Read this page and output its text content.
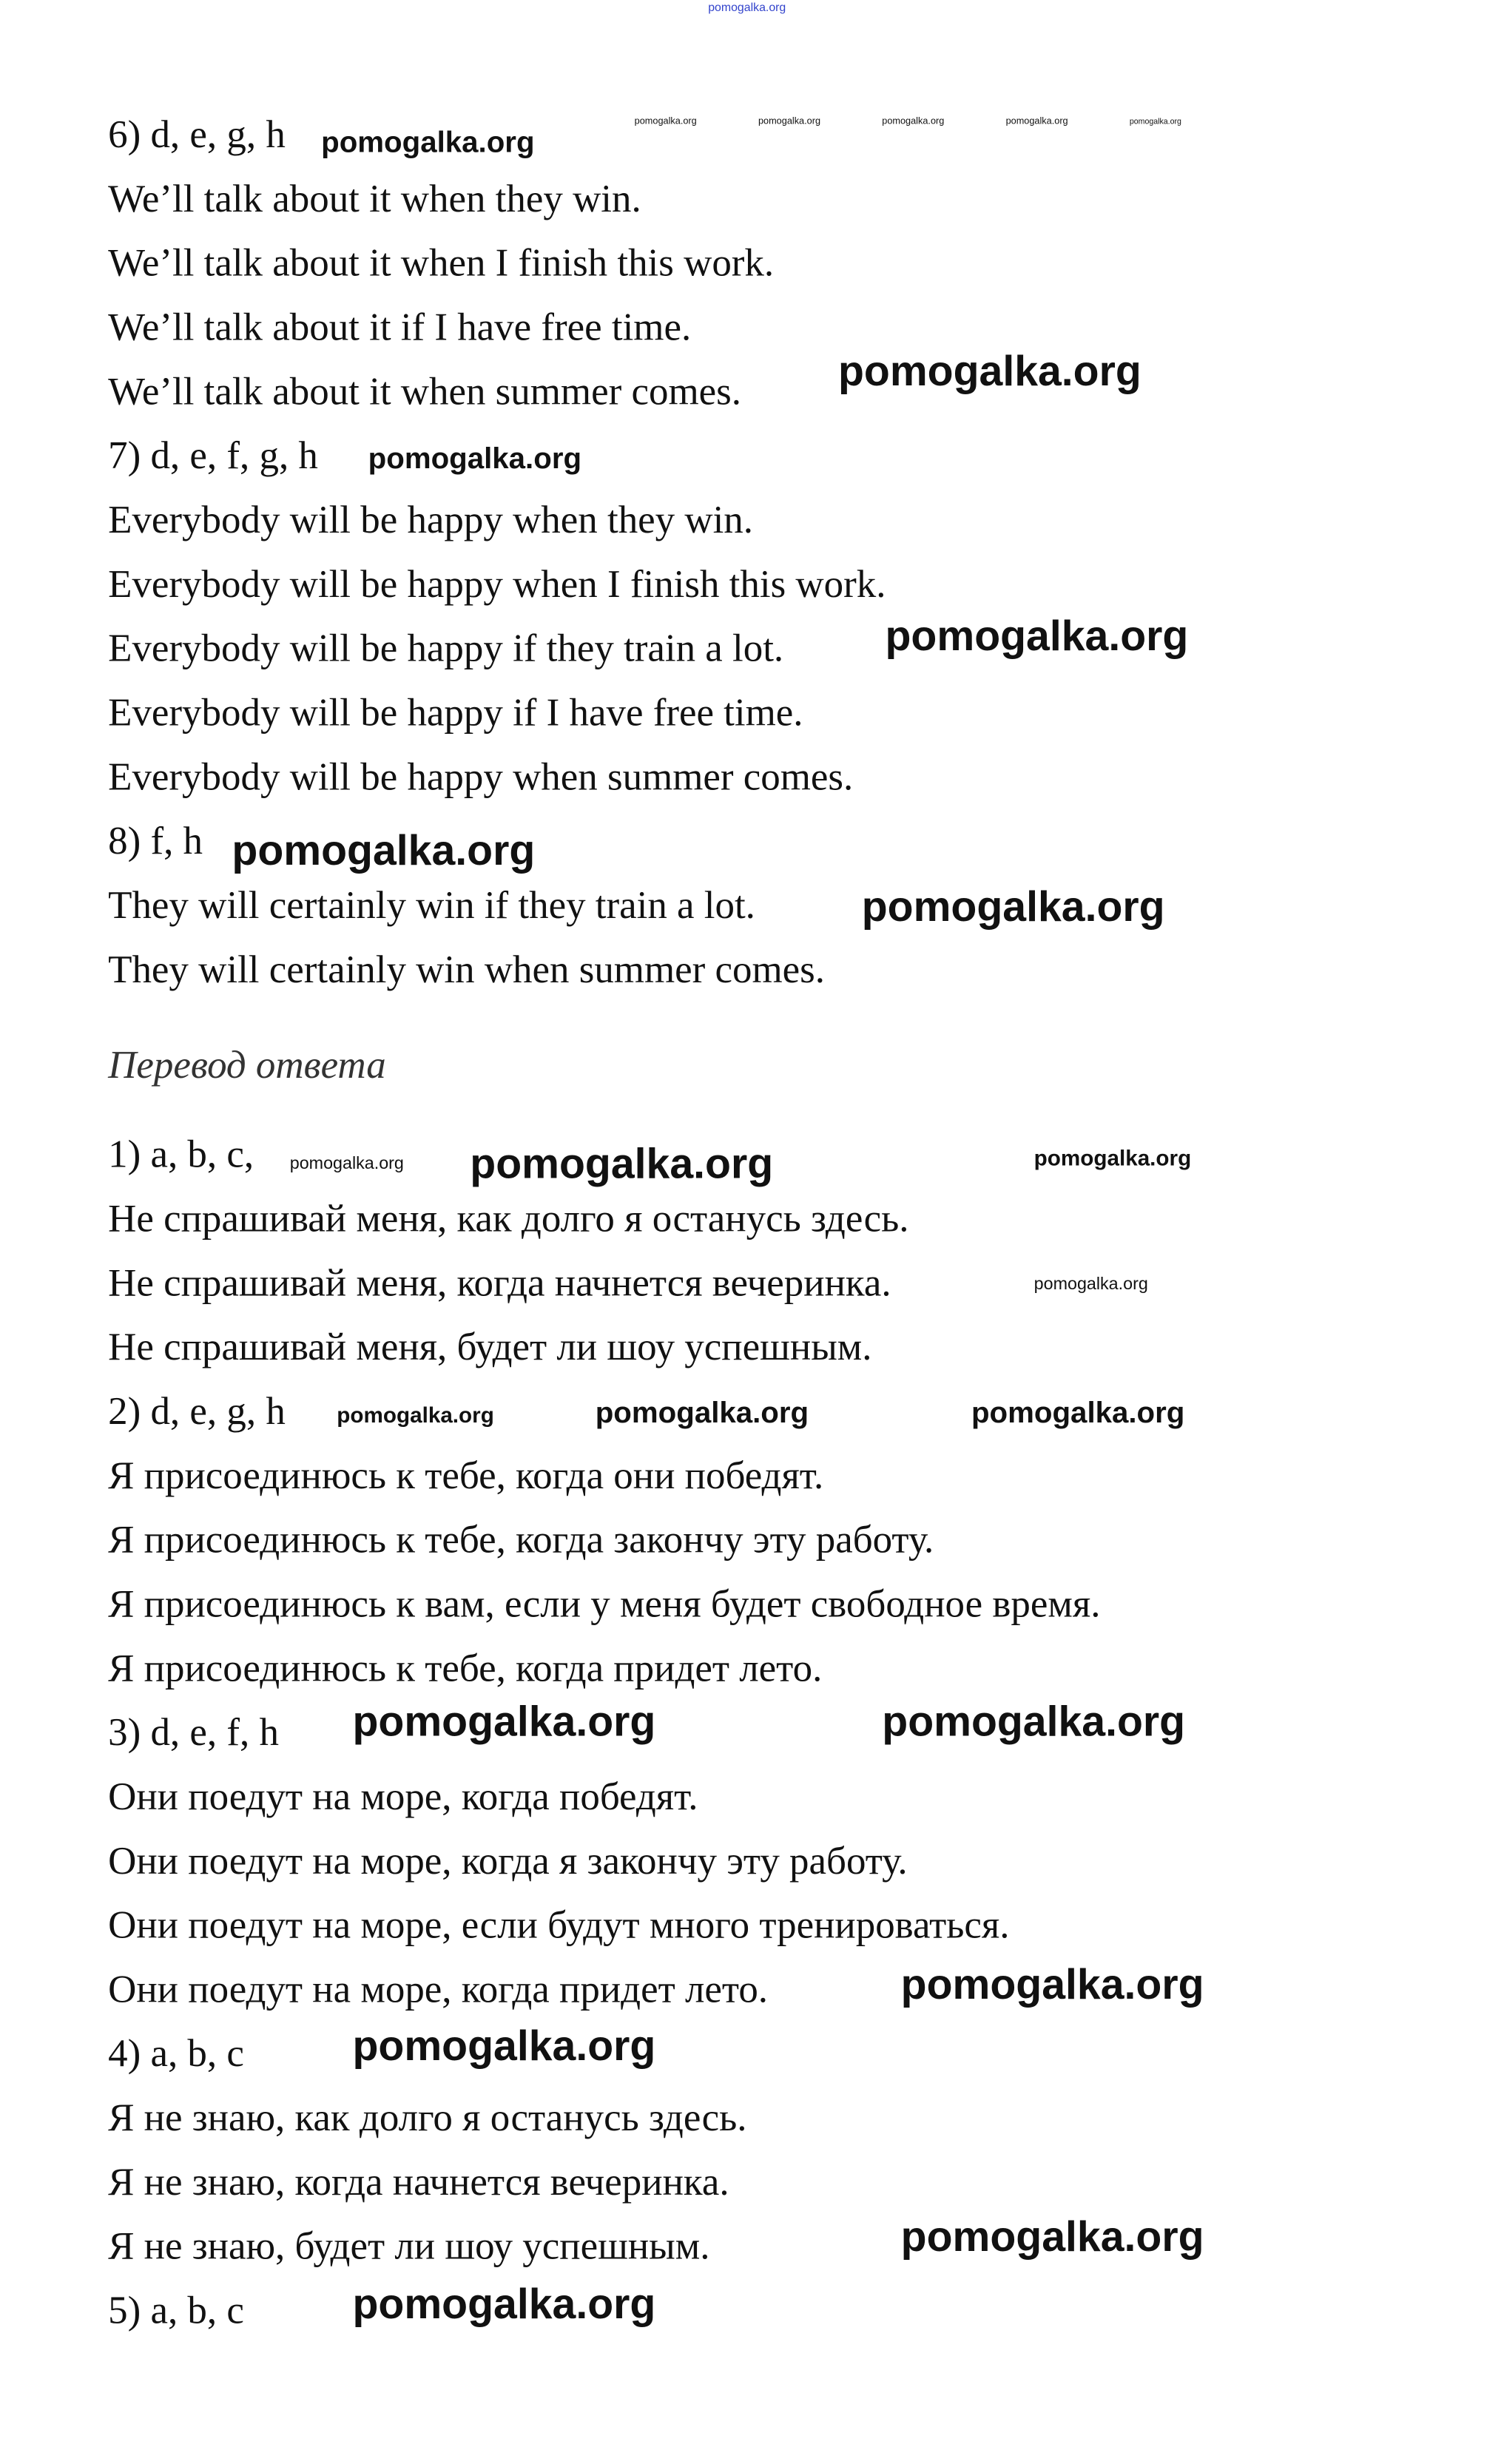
6) d, e, g, h
We’ll talk about it when they win.
We’ll talk about it when I finish this work.
We’ll talk about it if I have free time.
We’ll talk about it when summer comes.
7) d, e, f, g, h
Everybody will be happy when they win.
Everybody will be happy when I finish this work.
Everybody will be happy if they train a lot.
Everybody will be happy if I have free time.
Everybody will be happy when summer comes.
8) f, h
They will certainly win if they train a lot.
They will certainly win when summer comes.
Перевод ответа
1) a, b, c,
Не спрашивай меня, как долго я останусь здесь.
Не спрашивай меня, когда начнется вечеринка.
Не спрашивай меня, будет ли шоу успешным.
2) d, e, g, h
Я присоединюсь к тебе, когда они победят.
Я присоединюсь к тебе, когда закончу эту работу.
Я присоединюсь к вам, если у меня будет свободное время.
Я присоединюсь к тебе, когда придет лето.
3) d, e, f, h
Они поедут на море, когда победят.
Они поедут на море, когда я закончу эту работу.
Они поедут на море, если будут много тренироваться.
Они поедут на море, когда придет лето.
4) a, b, c
Я не знаю, как долго я останусь здесь.
Я не знаю, когда начнется вечеринка.
Я не знаю, будет ли шоу успешным.
5) a, b, c
pomogalka.org
pomogalka.org	pomogalka.org	pomogalka.org	pomogalka.org	pomogalka.org
pomogalka.org
pomogalka.org
pomogalka.org
pomogalka.org
pomogalka.org
pomogalka.org
pomogalka.org
pomogalka.org	pomogalka.org
pomogalka.org
pomogalka.org	pomogalka.org	pomogalka.org
pomogalka.org	pomogalka.org
pomogalka.org
pomogalka.org
pomogalka.org
pomogalka.org
